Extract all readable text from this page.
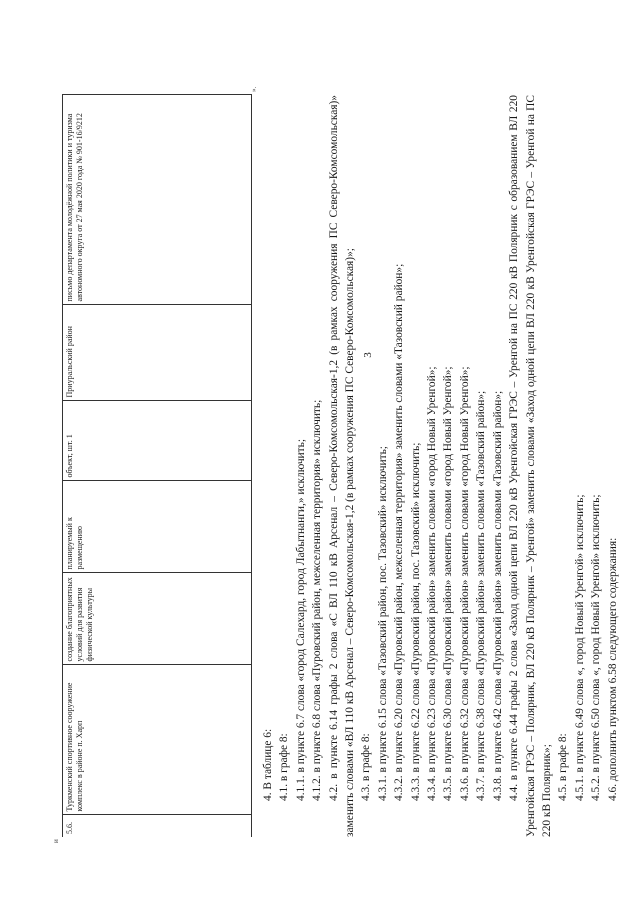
3
и
5.6.	Туркменский спортивное сооружение комплекс в районе п. Харп	создание благоприятных условий для развития физической культуры	планируемый к размещению	объект, шт. 1	Приуральский район	письмо департамента молодёжной политики и туризма автономного округа от 27 мая 2020 года № 901-16/9212
».

4. В таблице 6: 4.1. в графе 8: 4.1.1. в пункте 6.7 слова «город Салехард, город Лабытнанги,» исключить; 4.1.2. в пункте 6.8 слова «Пуровский район, межселенная территория» исключить; 4.2. в пункте 6.14 графы 2 слова «С ВЛ 110 кВ Арсенал – Северо-Комсомольская-1,2 (в рамках сооружения ПС Северо-Комсомольская)» заменить словами «ВЛ 110 кВ Арсенал – Северо-Комсомольская-1,2 (в рамках сооружения ПС Северо-Комсомольская)»; 4.3. в графе 8: 4.3.1. в пункте 6.15 слова «Тазовский район, пос. Тазовский» исключить; 4.3.2. в пункте 6.20 слова «Пуровский район, межселенная территория» заменить словами «Тазовский район»; 4.3.3. в пункте 6.22 слова «Пуровский район, пос. Тазовский» исключить; 4.3.4. в пункте 6.23 слова «Пуровский район» заменить словами «город Новый Уренгой»; 4.3.5. в пункте 6.30 слова «Пуровский район» заменить словами «город Новый Уренгой»; 4.3.6. в пункте 6.32 слова «Пуровский район» заменить словами «город Новый Уренгой»; 4.3.7. в пункте 6.38 слова «Пуровский район» заменить словами «Тазовский район»; 4.3.8. в пункте 6.42 слова «Пуровский район» заменить словами «Тазовский район»; 4.4. в пункте 6.44 графы 2 слова «Заход одной цепи ВЛ 220 кВ Уренгойская ГРЭС – Уренгой на ПС 220 кВ Полярник с образованием ВЛ 220 Уренгойская ГРЭС – Полярник, ВЛ 220 кВ Полярник – Уренгой» заменить словами «Заход одной цепи ВЛ 220 кВ Уренгойская ГРЭС – Уренгой на ПС 220 кВ Полярник»; 4.5. в графе 8: 4.5.1. в пункте 6.49 слова «, город Новый Уренгой» исключить; 4.5.2. в пункте 6.50 слова «, город Новый Уренгой» исключить; 4.6. дополнить пунктом 6.58 следующего содержания:
